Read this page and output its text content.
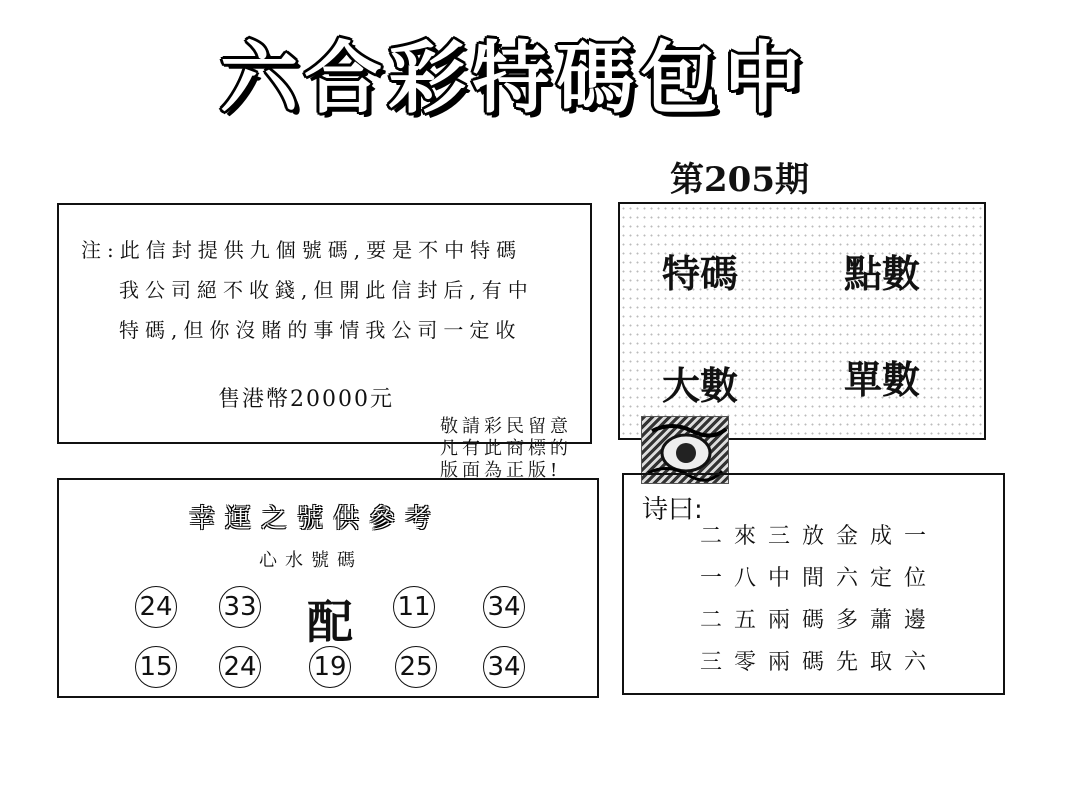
六合彩特碼包中
第205期
注:此信封提供九個號碼,要是不中特碼
我公司絕不收錢,但開此信封后,有中
特碼,但你沒賭的事情我公司一定收
售港幣20000元
特碼	點數
大數	單數
敬請彩民留意
凡有此商標的
版面為正版!
幸運之號供參考
心水號碼
24 33 配 11 34
15 24 19 25 34
诗曰:
二來三放金成一
一八中間六定位
二五兩碼多蕭邊
三零兩碼先取六
